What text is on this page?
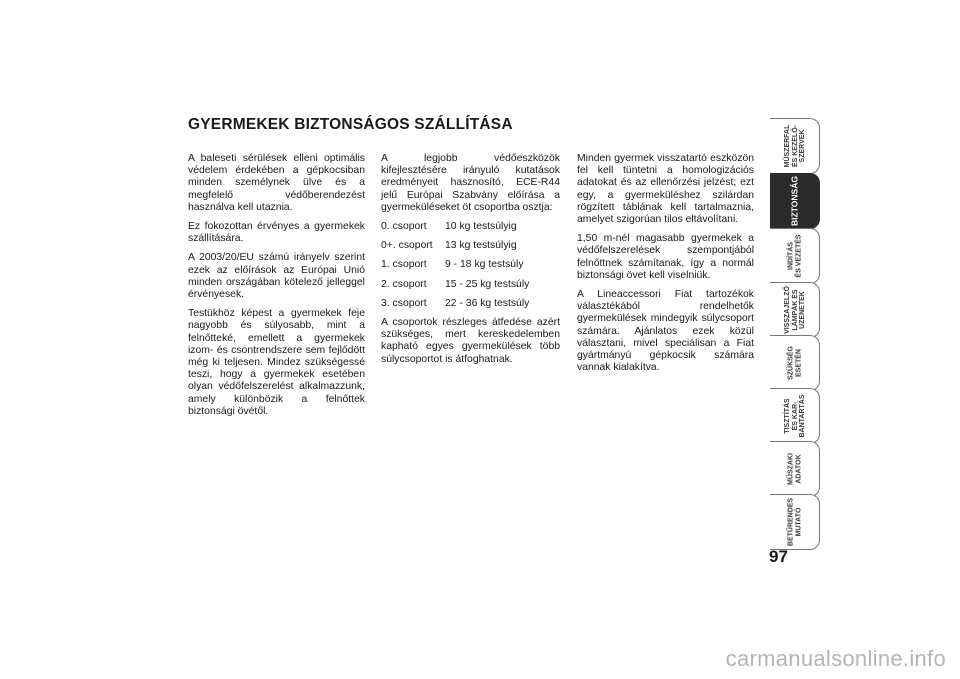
GYERMEKEK BIZTONSÁGOS SZÁLLÍTÁSA

A baleseti sérülések elleni optimális védelem érdekében a gépkocsiban minden személynek ülve és a megfelelő védőberendezést használva kell utaznia.

Ez fokozottan érvényes a gyermekek szállítására.

A 2003/20/EU számú irányelv szerint ezek az előírások az Európai Unió minden országában kötelező jelleggel érvényesek.

Testükhöz képest a gyermekek feje nagyobb és súlyosabb, mint a felnőtteké, emellett a gyermekek izom- és csontrendszere sem fejlődött még ki teljesen. Mindez szükségessé teszi, hogy a gyermekek esetében olyan védőfelszerelést alkalmazzunk, amely különbözik a felnőttek biztonsági övétől.

A legjobb védőeszközök kifejlesztésére irányuló kutatások eredményeit hasznosító, ECE-R44 jelű Európai Szabvány előírása a gyermeküléseket öt csoportba osztja:

0. csoport	10 kg testsúlyig
0+. csoport	13 kg testsúlyig
1. csoport	9 - 18 kg testsúly
2. csoport	15 - 25 kg testsúly
3. csoport	22 - 36 kg testsúly

A csoportok részleges átfedése azért szükséges, mert kereskedelemben kapható egyes gyermekülések több súlycsoportot is átfoghatnak.

Minden gyermek visszatartó eszközön fel kell tüntetni a homologizációs adatokat és az ellenőrzési jelzést; ezt egy, a gyermeküléshez szilárdan rögzített táblának kell tartalmaznia, amelyet szigorúan tilos eltávolítani.

1,50 m-nél magasabb gyermekek a védőfelszerelések szempontjából felnőttnek számítanak, így a normál biztonsági övet kell viselniük.

A Lineaccessori Fiat tartozékok választékából rendelhetők gyermekülések mindegyik súlycsoport számára. Ajánlatos ezek közül választani, mivel speciálisan a Fiat gyártmányú gépkocsik számára vannak kialakítva.

MŰSZERFAL
ÉS KEZELŐ-
SZERVEK
BIZTONSÁG
INDÍTÁS
ÉS VEZETÉS
VISSZAJELZŐ
LÁMPÁK ÉS
ÜZENETEK
SZÜKSÉG
ESETÉN
TISZTÍTÁS
ÉS KAR-
BANTARTÁS
MŰSZAKI
ADATOK
BETŰRENDES
MUTATÓ
97
carmanualsonline.info
